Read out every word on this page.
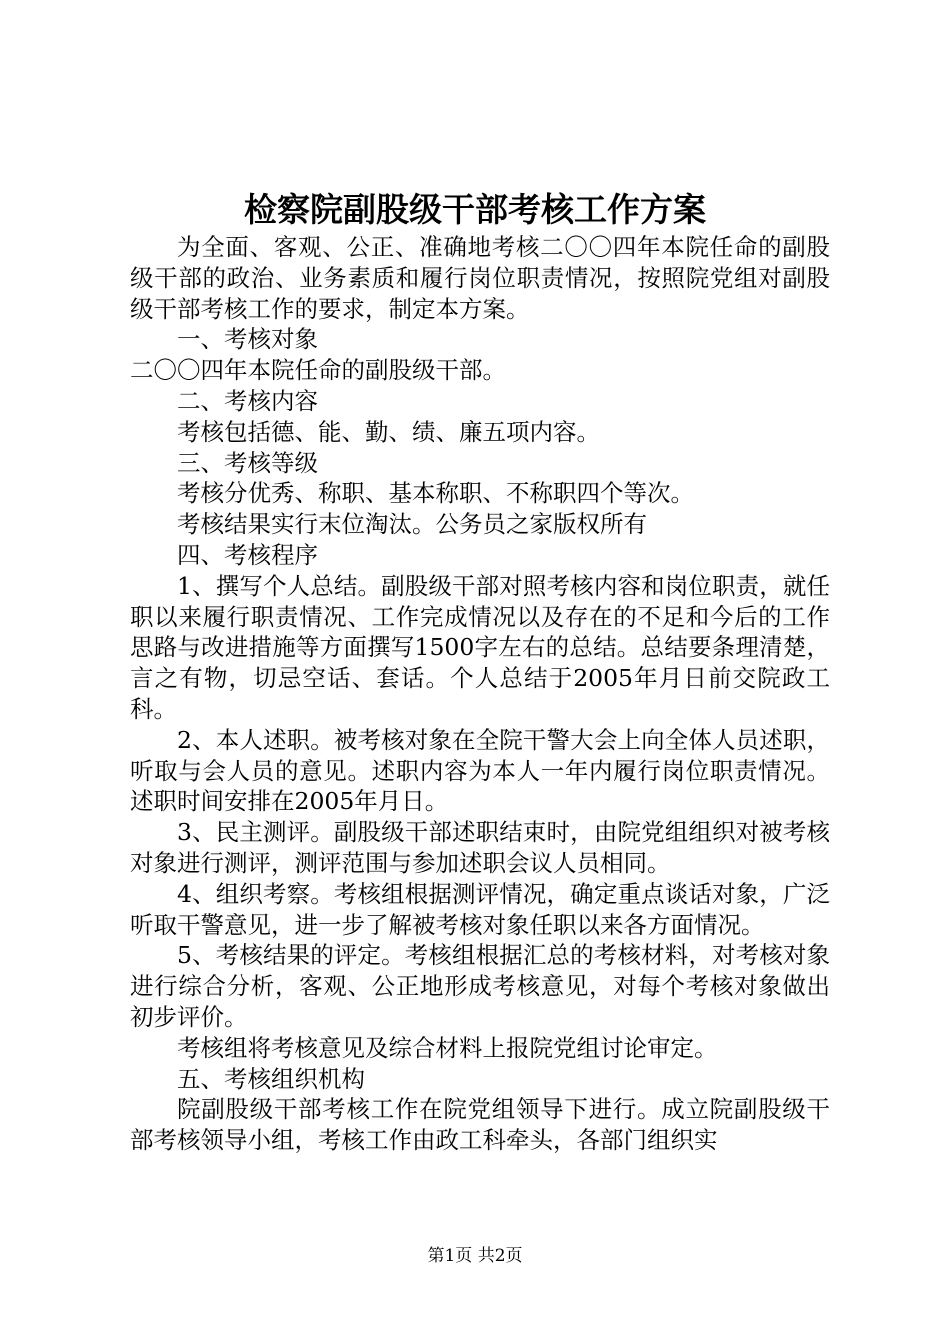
检察院副股级干部考核工作方案

为全面、客观、公正、准确地考核二〇〇四年本院任命的副股级干部的政治、业务素质和履行岗位职责情况，按照院党组对副股级干部考核工作的要求，制定本方案。

一、考核对象

二〇〇四年本院任命的副股级干部。

二、考核内容

考核包括德、能、勤、绩、廉五项内容。

三、考核等级

考核分优秀、称职、基本称职、不称职四个等次。

考核结果实行末位淘汰。公务员之家版权所有

四、考核程序

1、撰写个人总结。副股级干部对照考核内容和岗位职责，就任职以来履行职责情况、工作完成情况以及存在的不足和今后的工作思路与改进措施等方面撰写1500字左右的总结。总结要条理清楚，言之有物，切忌空话、套话。个人总结于2005年月日前交院政工科。

2、本人述职。被考核对象在全院干警大会上向全体人员述职，听取与会人员的意见。述职内容为本人一年内履行岗位职责情况。述职时间安排在2005年月日。

3、民主测评。副股级干部述职结束时，由院党组组织对被考核对象进行测评，测评范围与参加述职会议人员相同。

4、组织考察。考核组根据测评情况，确定重点谈话对象，广泛听取干警意见，进一步了解被考核对象任职以来各方面情况。

5、考核结果的评定。考核组根据汇总的考核材料，对考核对象进行综合分析，客观、公正地形成考核意见，对每个考核对象做出初步评价。

考核组将考核意见及综合材料上报院党组讨论审定。

五、考核组织机构

院副股级干部考核工作在院党组领导下进行。成立院副股级干部考核领导小组，考核工作由政工科牵头，各部门组织实

第1页 共2页
